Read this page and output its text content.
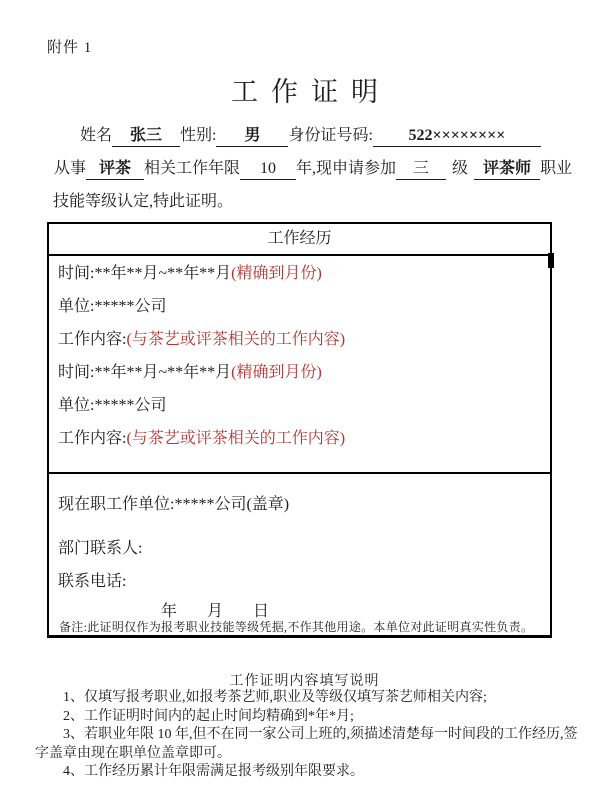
附件 1
工作证明
姓名 张三 性别: 男 身份证号码: 522××××××××
从事 评茶 相关工作年限 10 年,现申请参加 三 级 评茶师 职业
技能等级认定,特此证明。
工作经历
时间:**年**月~**年**月(精确到月份)
单位:*****公司
工作内容:(与茶艺或评茶相关的工作内容)
时间:**年**月~**年**月(精确到月份)
单位:*****公司
工作内容:(与茶艺或评茶相关的工作内容)
现在职工作单位:*****公司(盖章)
部门联系人:
联系电话:
年 月 日
备注:此证明仅作为报考职业技能等级凭据,不作其他用途。本单位对此证明真实性负责。
工作证明内容填写说明

1、仅填写报考职业,如报考茶艺师,职业及等级仅填写茶艺师相关内容;

2、工作证明时间内的起止时间均精确到*年*月;

3、若职业年限 10 年,但不在同一家公司上班的,须描述清楚每一时间段的工作经历,签字盖章由现在职单位盖章即可。

4、工作经历累计年限需满足报考级别年限要求。
